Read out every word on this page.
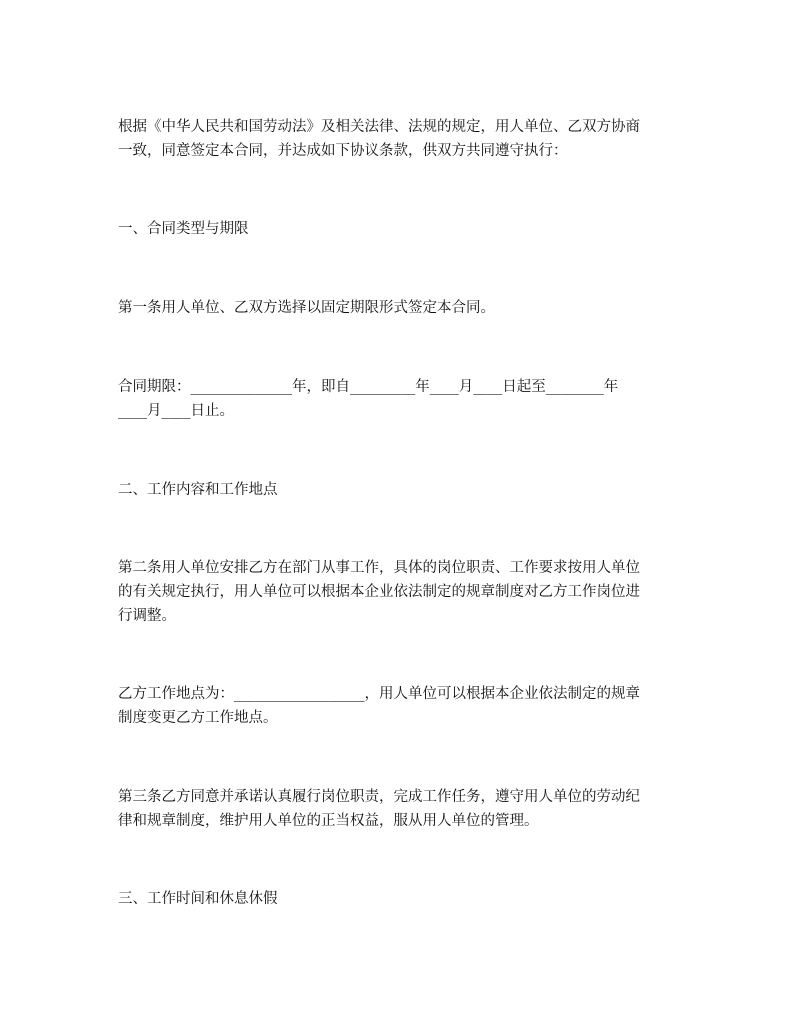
根据《中华人民共和国劳动法》及相关法律、法规的规定，用人单位、乙双方协商
一致，同意签定本合同，并达成如下协议条款，供双方共同遵守执行：

一、合同类型与期限

第一条用人单位、乙双方选择以固定期限形式签定本合同。

合同期限：______________年，即自_________年____月____日起至________年
____月____日止。

二、工作内容和工作地点

第二条用人单位安排乙方在部门从事工作，具体的岗位职责、工作要求按用人单位
的有关规定执行，用人单位可以根据本企业依法制定的规章制度对乙方工作岗位进
行调整。

乙方工作地点为：__________________，用人单位可以根据本企业依法制定的规章
制度变更乙方工作地点。

第三条乙方同意并承诺认真履行岗位职责，完成工作任务，遵守用人单位的劳动纪
律和规章制度，维护用人单位的正当权益，服从用人单位的管理。

三、工作时间和休息休假
